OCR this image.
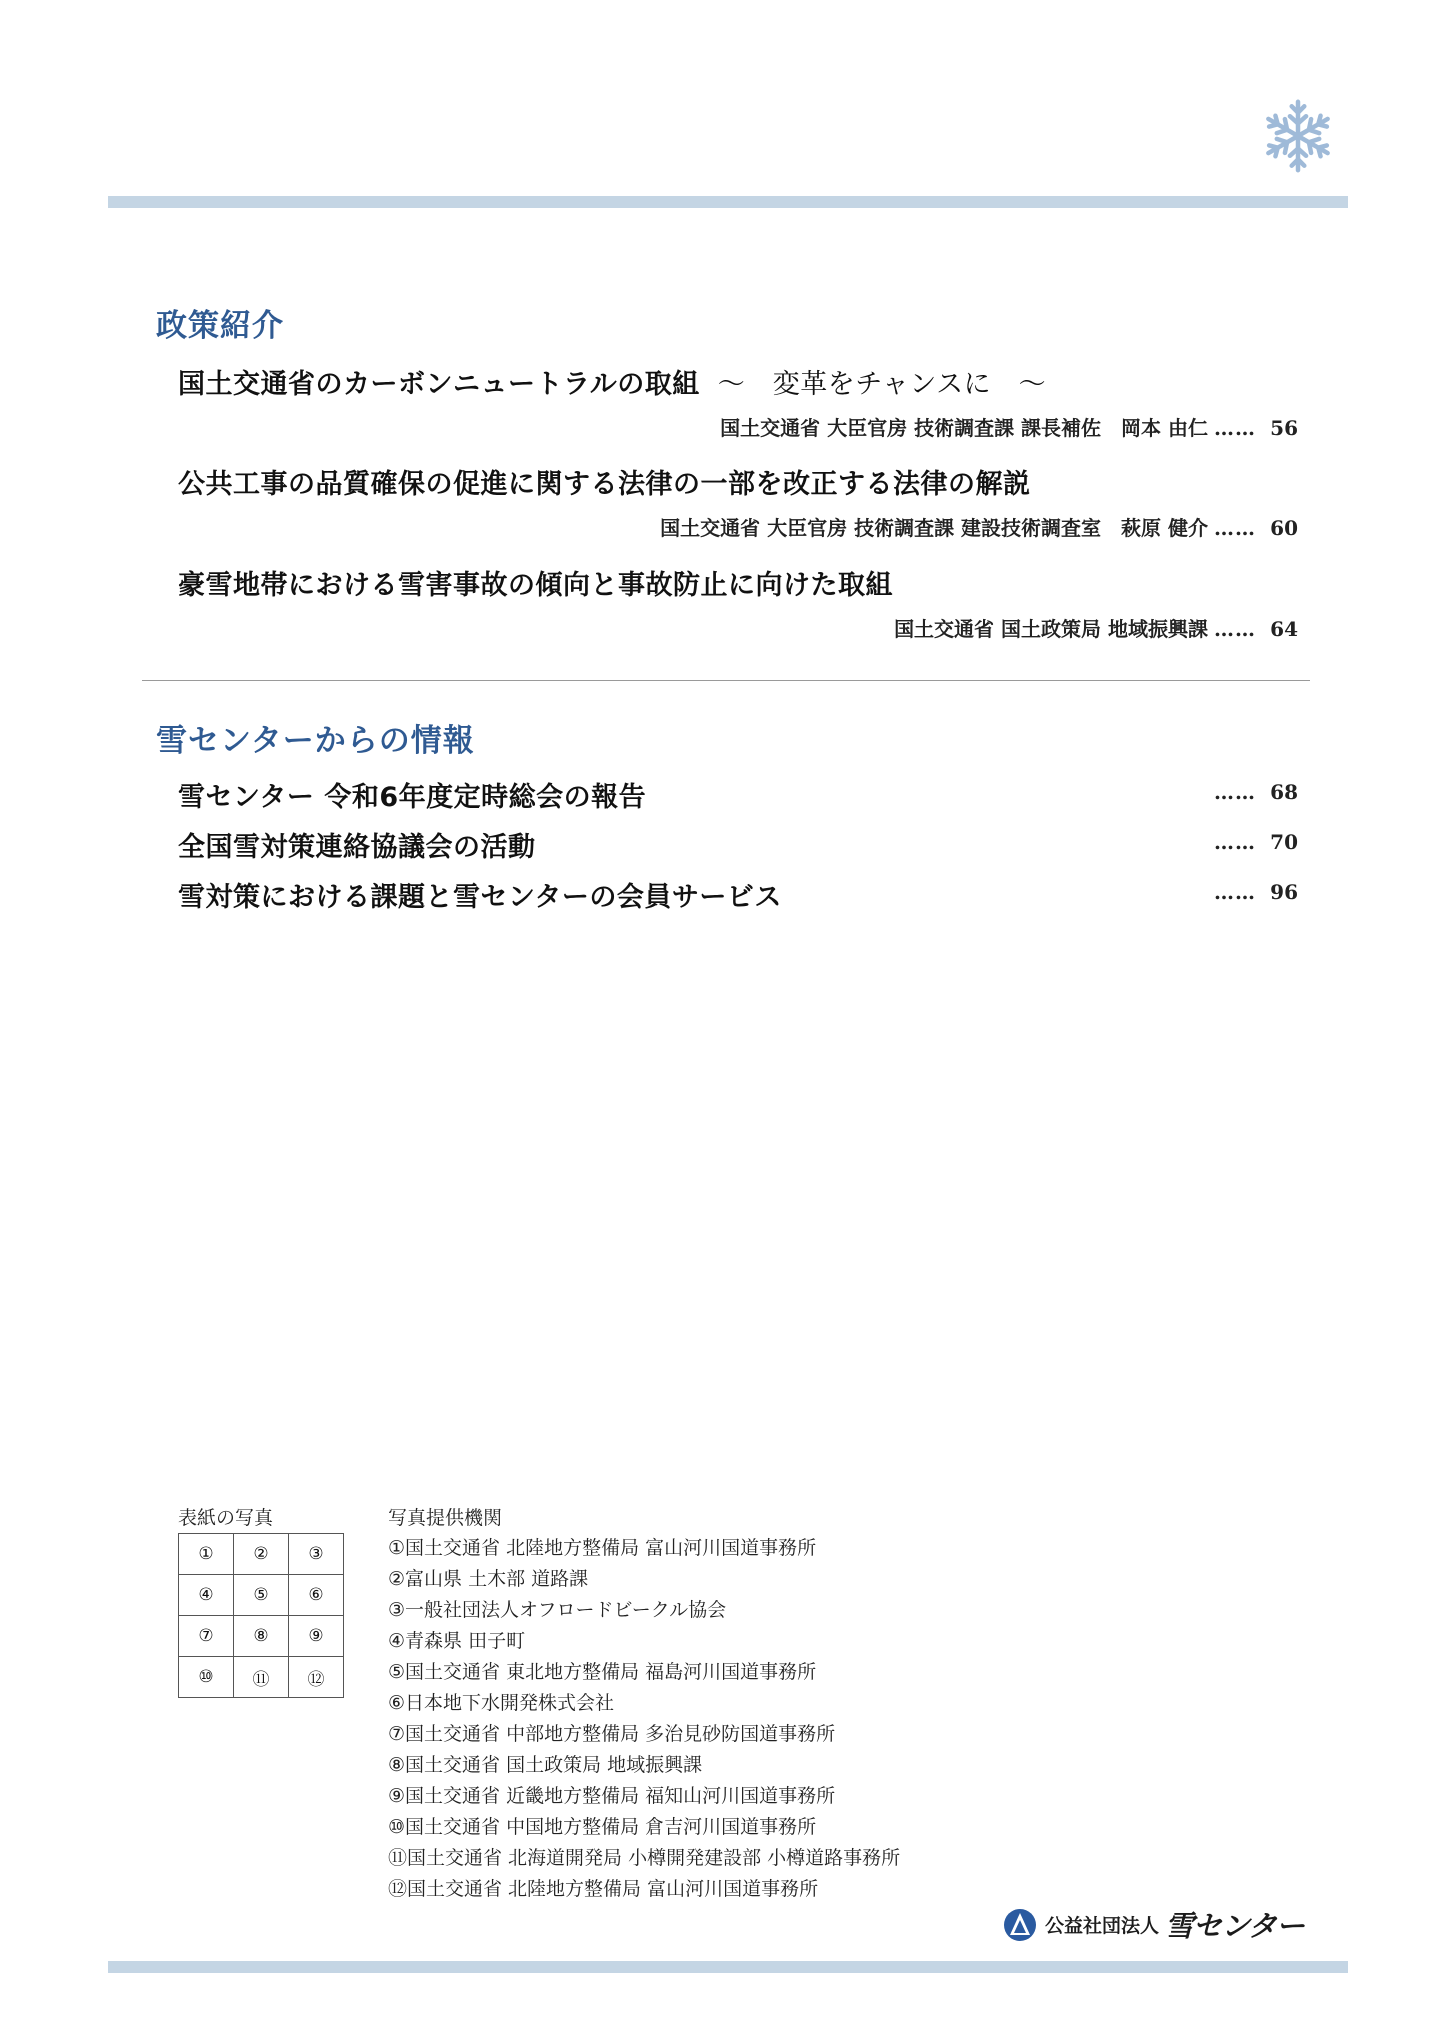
政策紹介
国土交通省のカーボンニュートラルの取組 ～　変革をチャンスに　～
国土交通省 大臣官房 技術調査課 課長補佐　岡本 由仁 …… 56
公共工事の品質確保の促進に関する法律の一部を改正する法律の解説
国土交通省 大臣官房 技術調査課 建設技術調査室　萩原 健介 …… 60
豪雪地帯における雪害事故の傾向と事故防止に向けた取組
国土交通省 国土政策局 地域振興課 …… 64
雪センターからの情報
雪センター 令和6年度定時総会の報告	…… 68
全国雪対策連絡協議会の活動	…… 70
雪対策における課題と雪センターの会員サービス	…… 96
表紙の写真
①	②	③
④	⑤	⑥
⑦	⑧	⑨
⑩	⑪	⑫
写真提供機関
①国土交通省 北陸地方整備局 富山河川国道事務所
②富山県 土木部 道路課
③一般社団法人オフロードビークル協会
④青森県 田子町
⑤国土交通省 東北地方整備局 福島河川国道事務所
⑥日本地下水開発株式会社
⑦国土交通省 中部地方整備局 多治見砂防国道事務所
⑧国土交通省 国土政策局 地域振興課
⑨国土交通省 近畿地方整備局 福知山河川国道事務所
⑩国土交通省 中国地方整備局 倉吉河川国道事務所
⑪国土交通省 北海道開発局 小樽開発建設部 小樽道路事務所
⑫国土交通省 北陸地方整備局 富山河川国道事務所
公益社団法人 雪センター
